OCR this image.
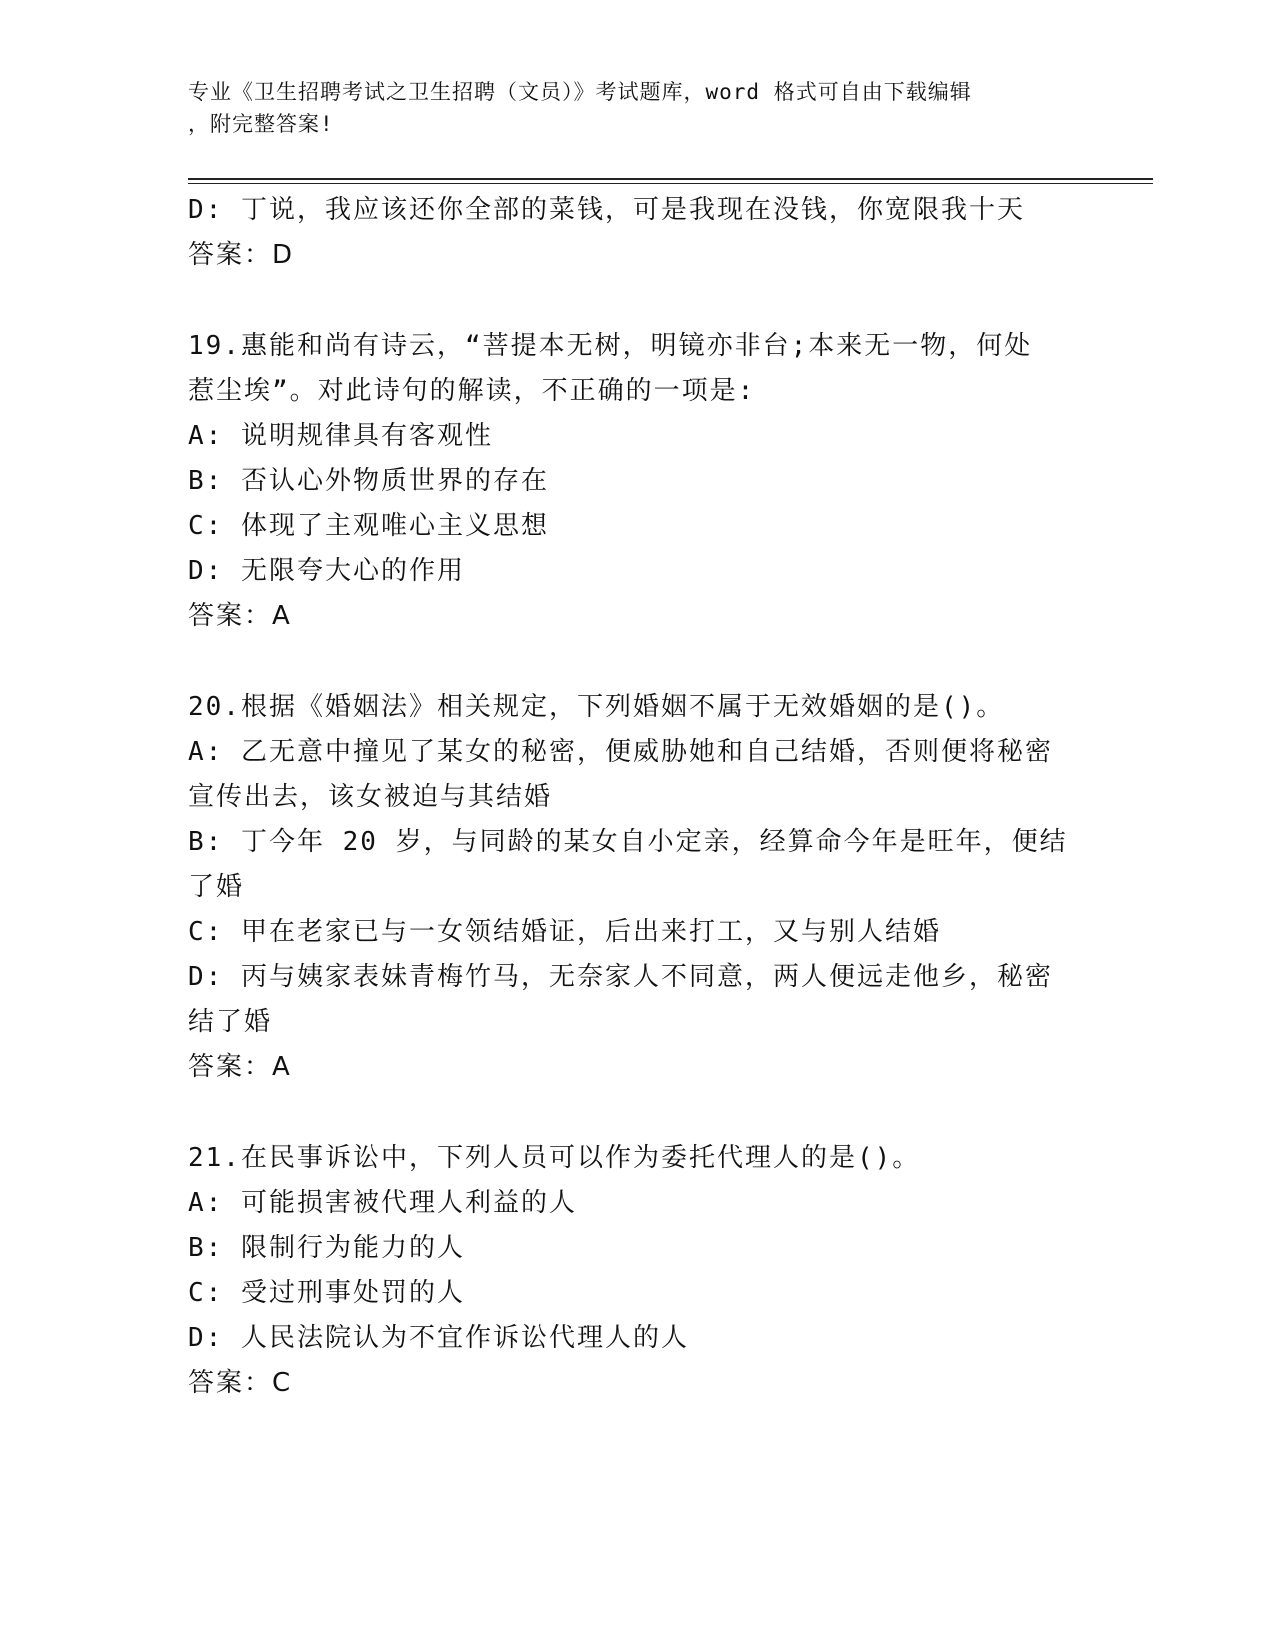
专业《卫生招聘考试之卫生招聘（文员）》考试题库，word 格式可自由下载编辑
，附完整答案!
D: 丁说，我应该还你全部的菜钱，可是我现在没钱，你宽限我十天
答案：D
19.惠能和尚有诗云，“菩提本无树，明镜亦非台;本来无一物，何处
惹尘埃”。对此诗句的解读，不正确的一项是:
A: 说明规律具有客观性
B: 否认心外物质世界的存在
C: 体现了主观唯心主义思想
D: 无限夸大心的作用
答案：A
20.根据《婚姻法》相关规定，下列婚姻不属于无效婚姻的是()。
A: 乙无意中撞见了某女的秘密，便威胁她和自己结婚，否则便将秘密
宣传出去，该女被迫与其结婚
B: 丁今年 20 岁，与同龄的某女自小定亲，经算命今年是旺年，便结
了婚
C: 甲在老家已与一女领结婚证，后出来打工，又与别人结婚
D: 丙与姨家表妹青梅竹马，无奈家人不同意，两人便远走他乡，秘密
结了婚
答案：A
21.在民事诉讼中，下列人员可以作为委托代理人的是()。
A: 可能损害被代理人利益的人
B: 限制行为能力的人
C: 受过刑事处罚的人
D: 人民法院认为不宜作诉讼代理人的人
答案：C
